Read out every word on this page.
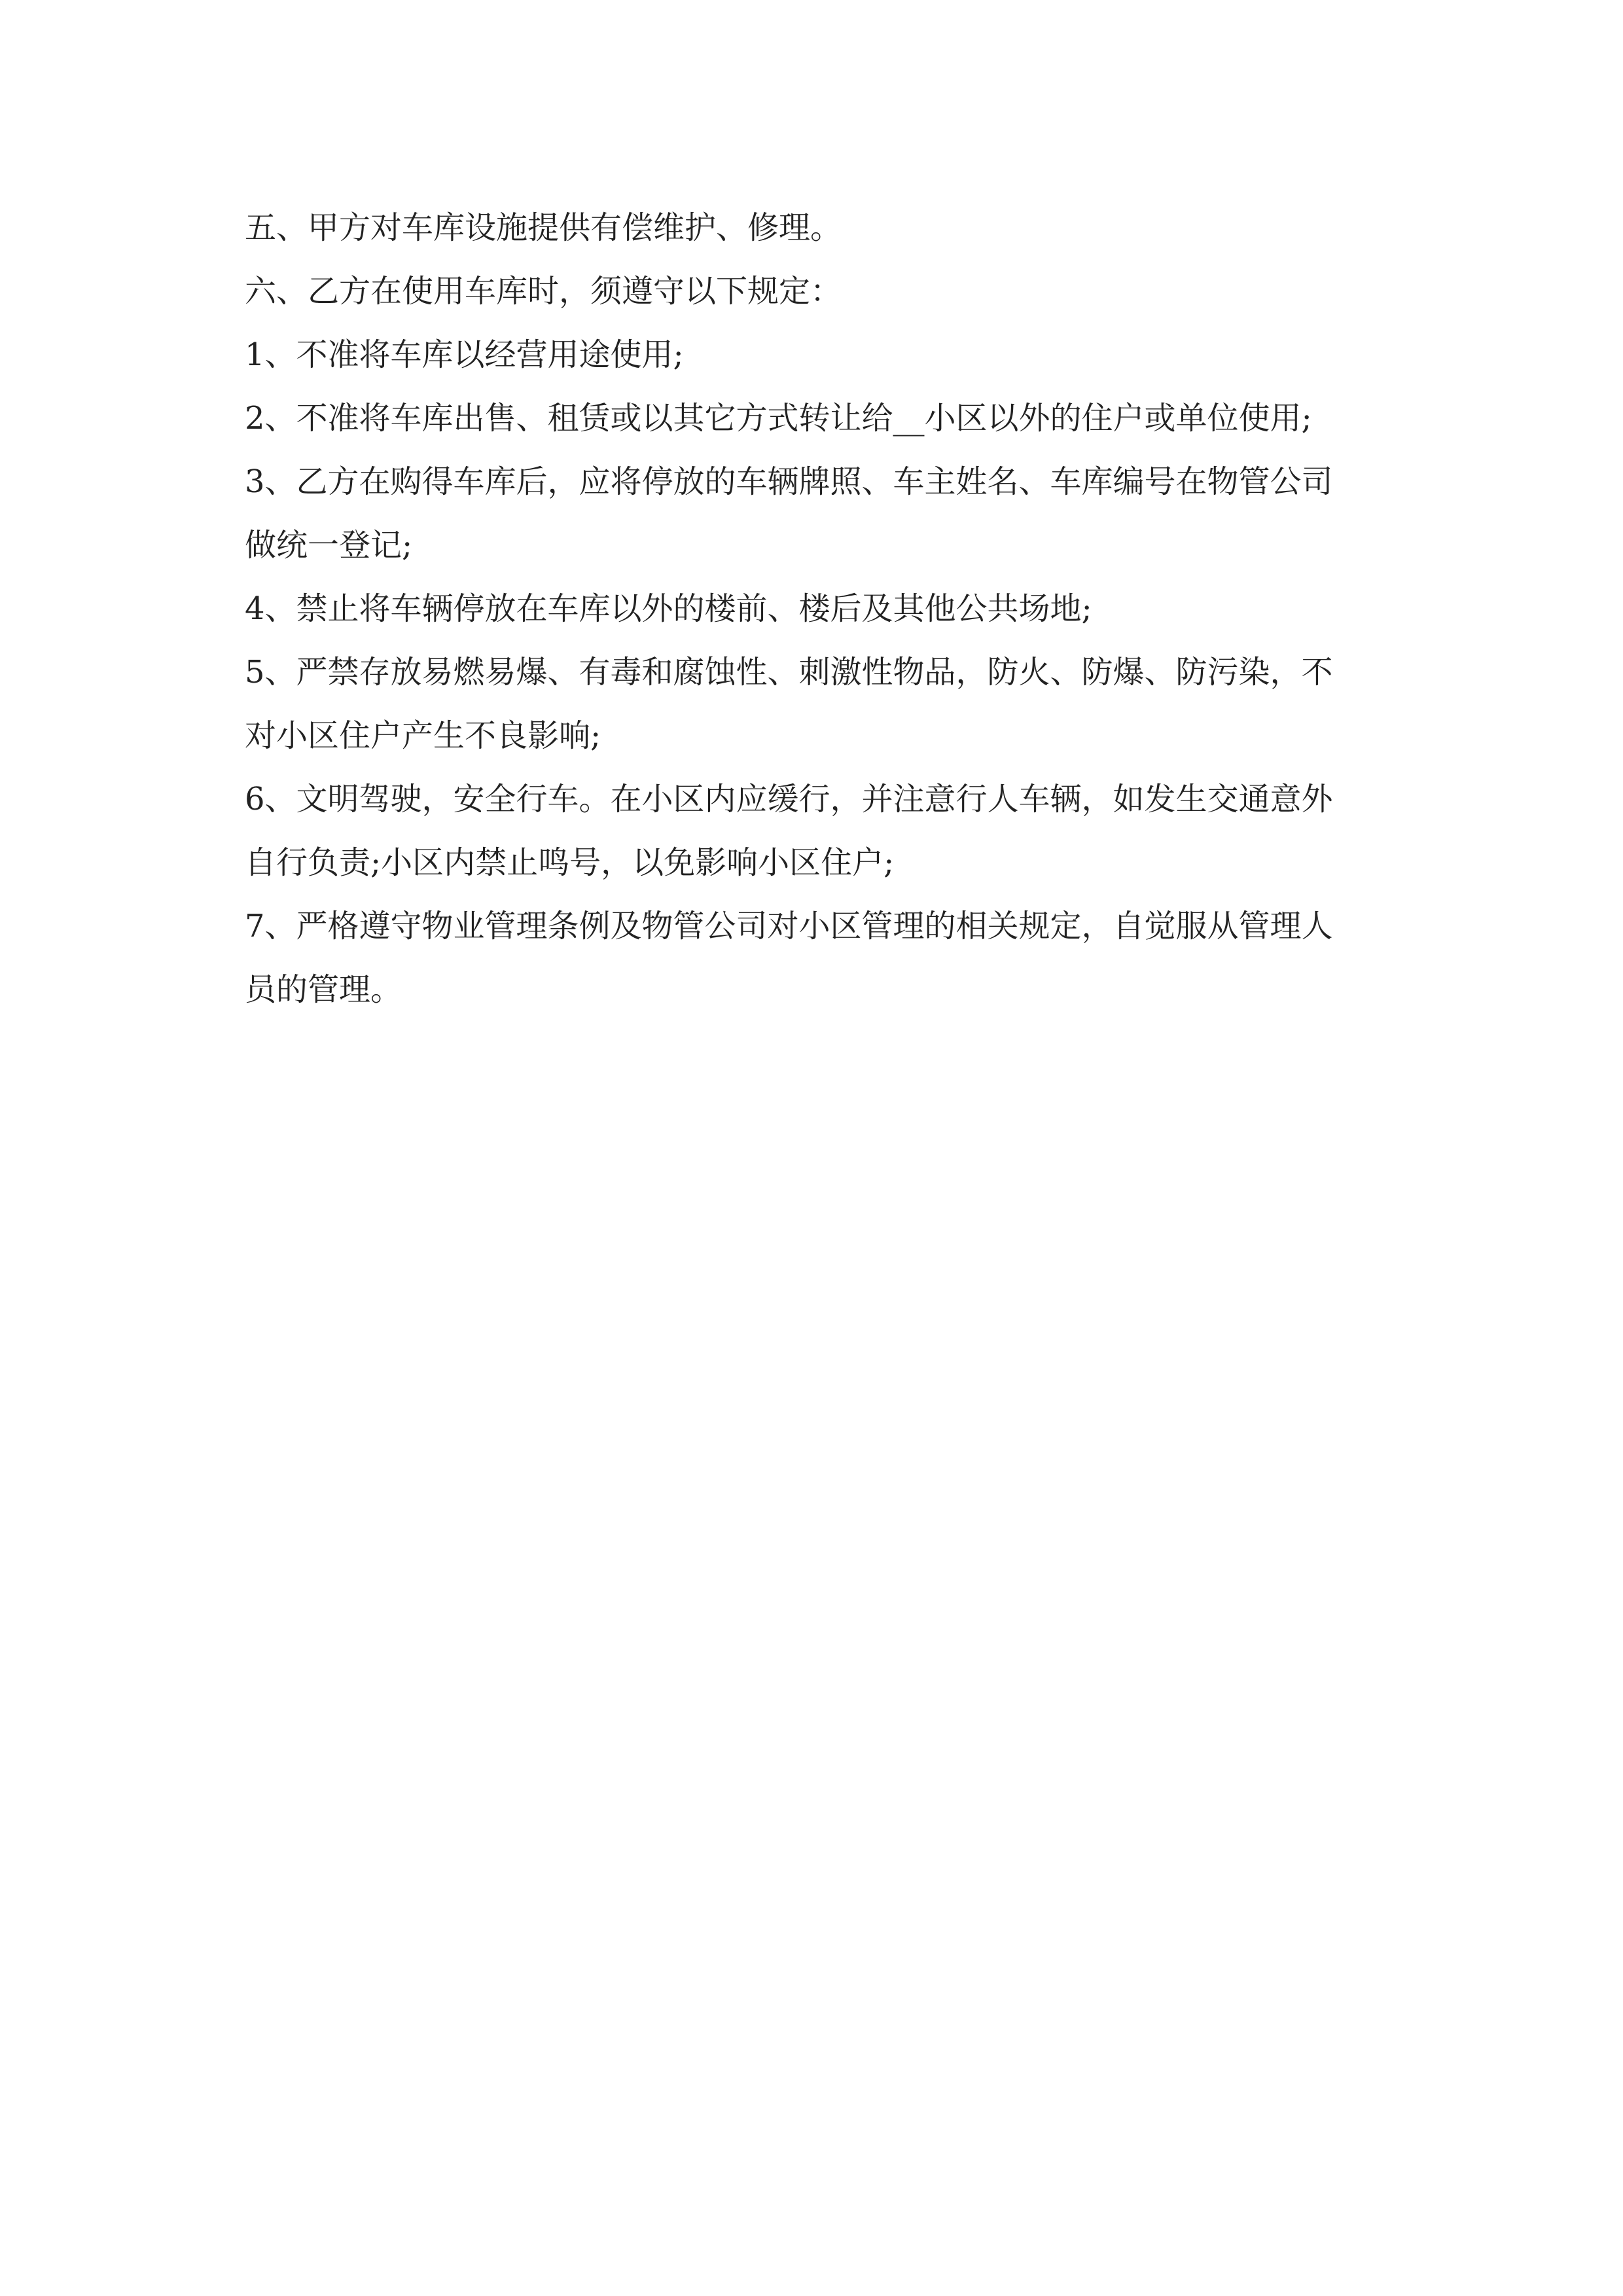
五、甲方对车库设施提供有偿维护、修理。

六、乙方在使用车库时，须遵守以下规定：

1、不准将车库以经营用途使用;

2、不准将车库出售、租赁或以其它方式转让给__小区以外的住户或单位使用;

3、乙方在购得车库后，应将停放的车辆牌照、车主姓名、车库编号在物管公司

做统一登记;

4、禁止将车辆停放在车库以外的楼前、楼后及其他公共场地;

5、严禁存放易燃易爆、有毒和腐蚀性、刺激性物品，防火、防爆、防污染，不

对小区住户产生不良影响;

6、文明驾驶，安全行车。在小区内应缓行，并注意行人车辆，如发生交通意外

自行负责;小区内禁止鸣号，以免影响小区住户;

7、严格遵守物业管理条例及物管公司对小区管理的相关规定，自觉服从管理人

员的管理。
